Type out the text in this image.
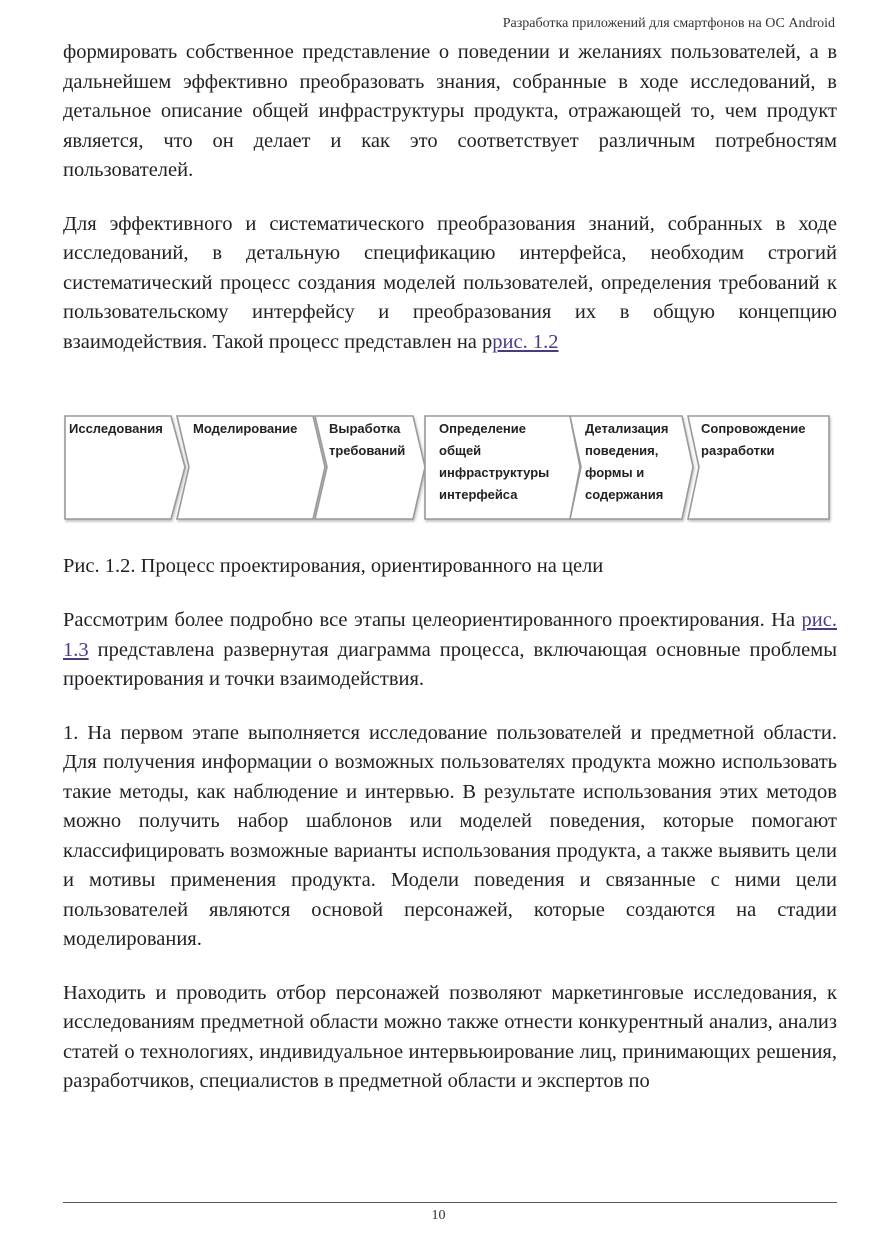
Разработка приложений для смартфонов на ОС Android

формировать собственное представление о поведении и желаниях пользователей, а в дальнейшем эффективно преобразовать знания, собранные в ходе исследований, в детальное описание общей инфраструктуры продукта, отражающей то, чем продукт является, что он делает и как это соответствует различным потребностям пользователей.

Для эффективного и систематического преобразования знаний, собранных в ходе исследований, в детальную спецификацию интерфейса, необходим строгий систематический процесс создания моделей пользователей, определения требований к пользовательскому интерфейсу и преобразования их в общую концепцию взаимодействия. Такой процесс представлен на ррис. 1.2

Исследования Моделирование Выработка требований
Определение общей инфраструктуры интерфейса
Детализация поведения, формы и содержания
Сопровождение разработки

Рис. 1.2. Процесс проектирования, ориентированного на цели

Рассмотрим более подробно все этапы целеориентированного проектирования. На рис. 1.3 представлена развернутая диаграмма процесса, включающая основные проблемы проектирования и точки взаимодействия.

1. На первом этапе выполняется исследование пользователей и предметной области. Для получения информации о возможных пользователях продукта можно использовать такие методы, как наблюдение и интервью. В результате использования этих методов можно получить набор шаблонов или моделей поведения, которые помогают классифицировать возможные варианты использования продукта, а также выявить цели и мотивы применения продукта. Модели поведения и связанные с ними цели пользователей являются основой персонажей, которые создаются на стадии моделирования.

Находить и проводить отбор персонажей позволяют маркетинговые исследования, к исследованиям предметной области можно также отнести конкурентный анализ, анализ статей о технологиях, индивидуальное интервьюирование лиц, принимающих решения, разработчиков, специалистов в предметной области и экспертов по

10
